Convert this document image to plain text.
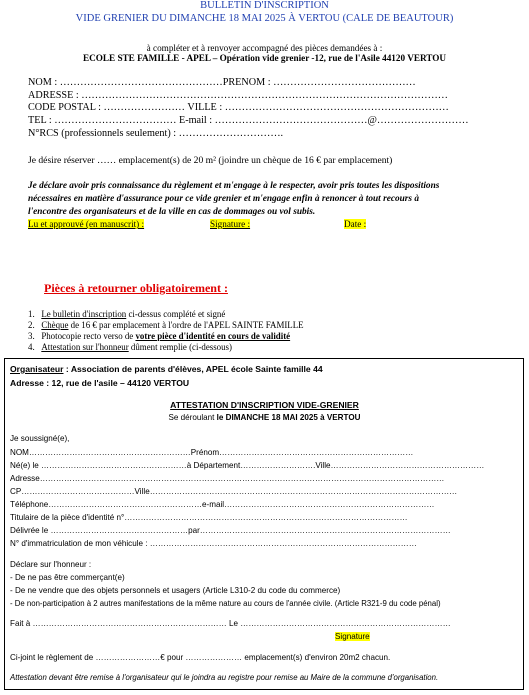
BULLETIN D'INSCRIPTION
VIDE GRENIER DU DIMANCHE 18 MAI 2025 À VERTOU (CALE DE BEAUTOUR)
à compléter et à renvoyer accompagné des pièces demandées à :
ECOLE STE FAMILLE - APEL – Opération vide grenier -12, rue de l'Asile 44120 VERTOU
NOM : …………………………………………PRENOM : ……………………………………
ADRESSE : ………………………………………………………………………………………………
CODE POSTAL : …………………… VILLE : …………………………………………………………
TEL : ……………………………… E-mail : ………………………………………@………………………
N°RCS (professionnels seulement) : ………………………….
Je désire réserver …… emplacement(s) de 20 m² (joindre un chèque de 16 € par emplacement)
Je déclare avoir pris connaissance du règlement et m'engage à le respecter, avoir pris toutes les dispositions
nécessaires en matière d'assurance pour ce vide grenier et m'engage enfin à renoncer à tout recours à
l'encontre des organisateurs et de la ville en cas de dommages ou vol subis.
Lu et approuvé (en manuscrit) :	Signature :	Date :
Pièces à retourner obligatoirement :
1. Le bulletin d'inscription ci-dessus complété et signé
2. Chèque de 16 € par emplacement à l'ordre de l'APEL SAINTE FAMILLE
3. Photocopie recto verso de votre pièce d'identité en cours de validité
4. Attestation sur l'honneur dûment remplie (ci-dessous)
Organisateur : Association de parents d'élèves, APEL école Sainte famille 44
Adresse : 12, rue de l'asile – 44120 VERTOU
ATTESTATION D'INSCRIPTION VIDE-GRENIER
Se déroulant le DIMANCHE 18 MAI 2025 à VERTOU
Je soussigné(e),
NOM……………………………………………………Prénom………………………………………………………………
Né(e) le ………………………………………………à Département……………………….Ville…………………………………………………
Adresse……………………………………………………………………………………………………………………………………
CP……………………………………Ville……………………………………………………………………………………………………
Téléphone…………………………………………………e-mail……………………………………………………………………
Titulaire de la pièce d'identité n°……………………………………………………………………………………………
Délivrée le ……………………………………………par…………………………………………………………………………………
N° d'immatriculation de mon véhicule : ………………………………………………………………………………………
Déclare sur l'honneur :
- De ne pas être commerçant(e)
- De ne vendre que des objets personnels et usagers (Article L310-2 du code du commerce)
- De non-participation à 2 autres manifestations de la même nature au cours de l'année civile. (Article R321-9 du code pénal)
Fait à ……………………………………………………………… Le ……………………………………………………………………
Signature
Ci-joint le règlement de ……………………€ pour ………………… emplacement(s) d'environ 20m2 chacun.
Attestation devant être remise à l'organisateur qui le joindra au registre pour remise au Maire de la commune d'organisation.
